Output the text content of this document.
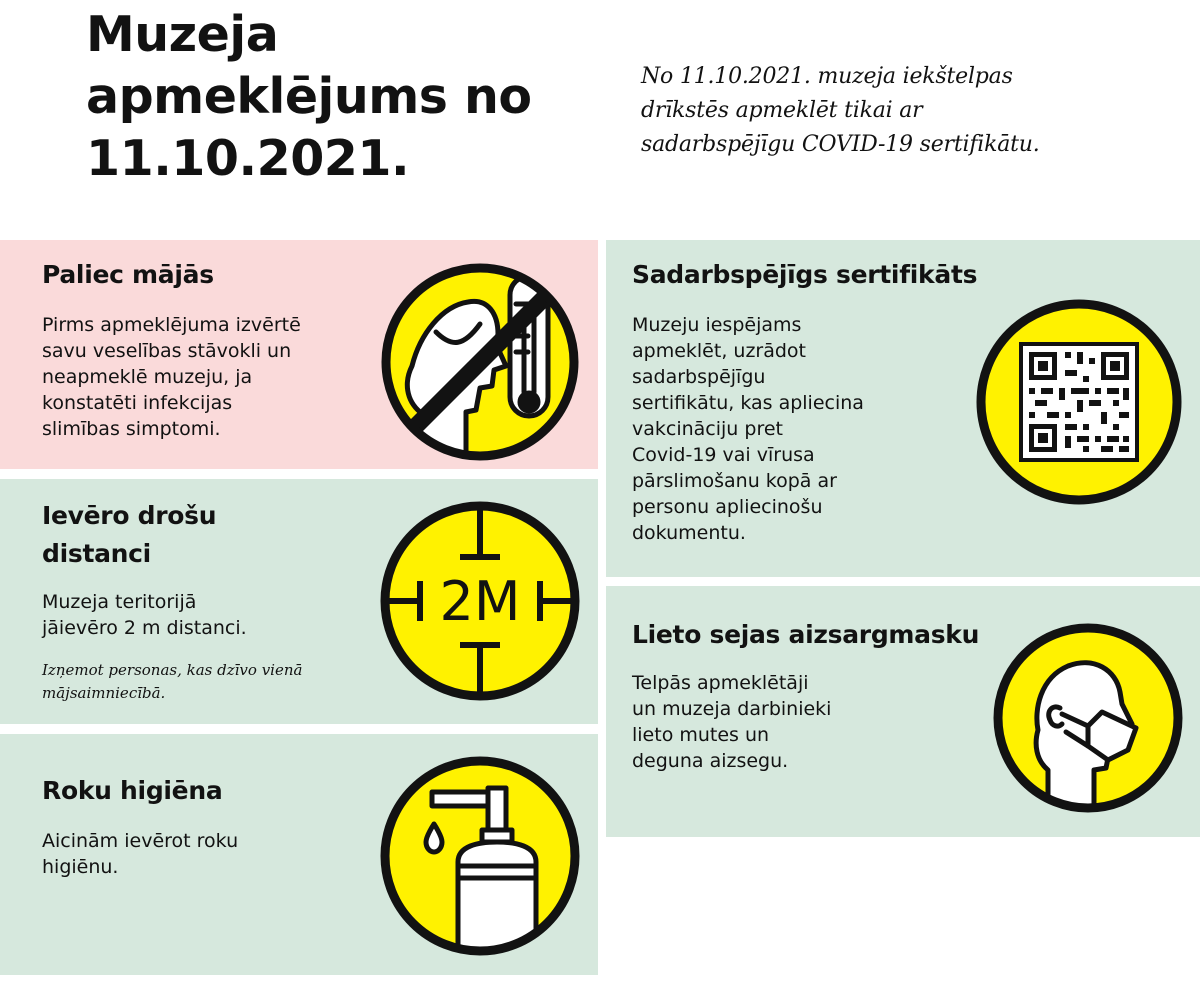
Muzeja
apmeklējums no
11.10.2021.
No 11.10.2021. muzeja iekštelpas
drīkstēs apmeklēt tikai ar
sadarbspējīgu COVID-19 sertifikātu.
Paliec mājās

Pirms apmeklējuma izvērtē
savu veselības stāvokli un
neapmeklē muzeju, ja
konstatēti infekcijas
slimības simptomi.

Ievēro drošu
distanci

Muzeja teritorijā
jāievēro 2 m distanci.

Izņemot personas, kas dzīvo vienā
mājsaimniecībā.
2M
Roku higiēna

Aicinām ievērot roku
higiēnu.

Sadarbspējīgs sertifikāts

Muzeju iespējams
apmeklēt, uzrādot
sadarbspējīgu
sertifikātu, kas apliecina
vakcināciju pret
Covid-19 vai vīrusa
pārslimošanu kopā ar
personu apliecinošu
dokumentu.

Lieto sejas aizsargmasku

Telpās apmeklētāji
un muzeja darbinieki
lieto mutes un
deguna aizsegu.
